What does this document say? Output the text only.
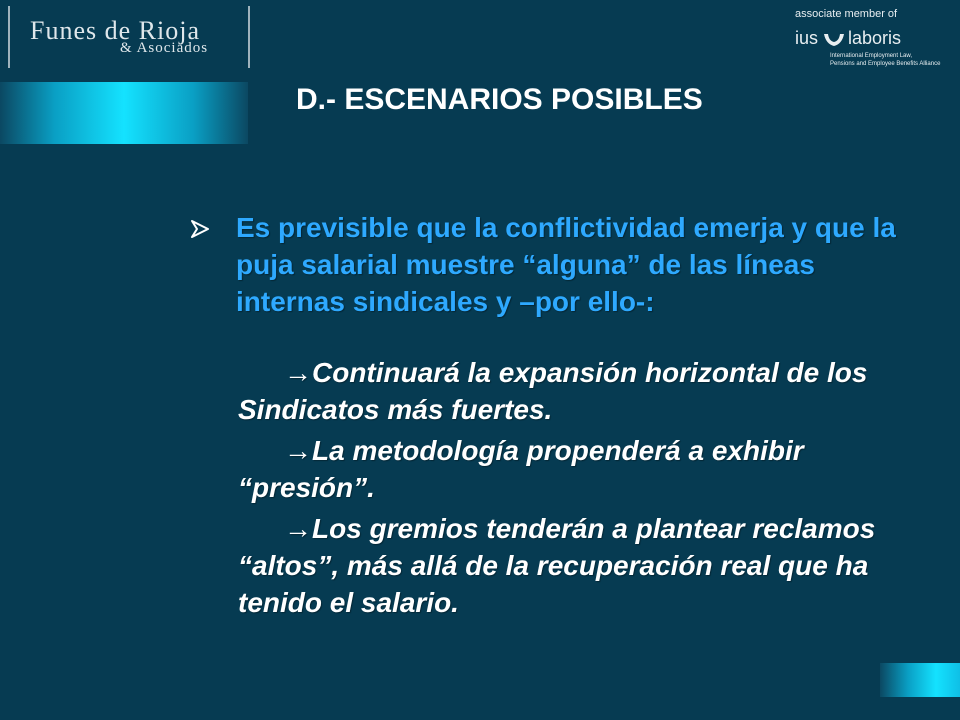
Funes de Rioja
& Asociados
associate member of
ius laboris
International Employment Law,
Pensions and Employee Benefits Alliance
D.- ESCENARIOS POSIBLES
Es previsible que la conflictividad emerja y que la puja salarial muestre “alguna” de las líneas internas sindicales y –por ello-:
→Continuará la expansión horizontal de los Sindicatos más fuertes.
→La metodología propenderá a exhibir “presión”.
→Los gremios tenderán a plantear reclamos “altos”, más allá de la recuperación real que ha tenido el salario.
